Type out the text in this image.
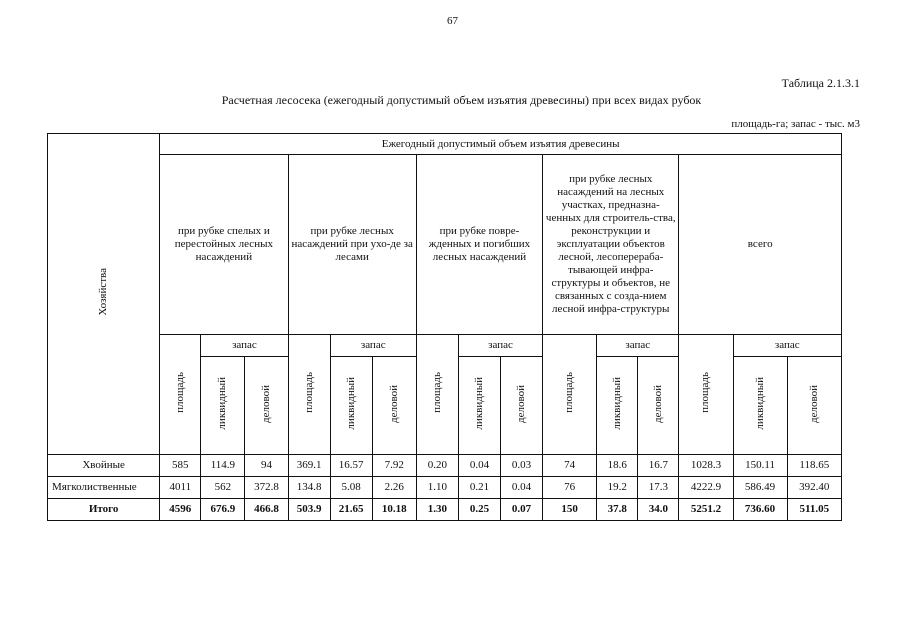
67
Таблица 2.1.3.1
Расчетная лесосека (ежегодный допустимый объем изъятия древесины) при всех видах рубок
площадь-га; запас - тыс. м3
Хозяйства	Ежегодный допустимый объем изъятия древесины														
	при рубке спелых и перестойных лесных насаждений			при рубке лесных насаждений при ухо-де за лесами			при рубке повре-жденных и погибших лесных насаждений			при рубке лесных насаждений на лесных участках, предназна-ченных для строитель-ства, реконструкции и эксплуатации объектов лесной, лесоперераба-тывающей инфра-структуры и объектов, не связанных с созда-нием лесной инфра-структуры			всего		
	площадь	запас		площадь	запас		площадь	запас		площадь	запас		площадь	запас	
		ликвидный	деловой		ликвидный	деловой		ликвидный	деловой		ликвидный	деловой		ликвидный	деловой
Хвойные	585	114.9	94	369.1	16.57	7.92	0.20	0.04	0.03	74	18.6	16.7	1028.3	150.11	118.65
Мягколиственные	4011	562	372.8	134.8	5.08	2.26	1.10	0.21	0.04	76	19.2	17.3	4222.9	586.49	392.40
Итого	4596	676.9	466.8	503.9	21.65	10.18	1.30	0.25	0.07	150	37.8	34.0	5251.2	736.60	511.05
